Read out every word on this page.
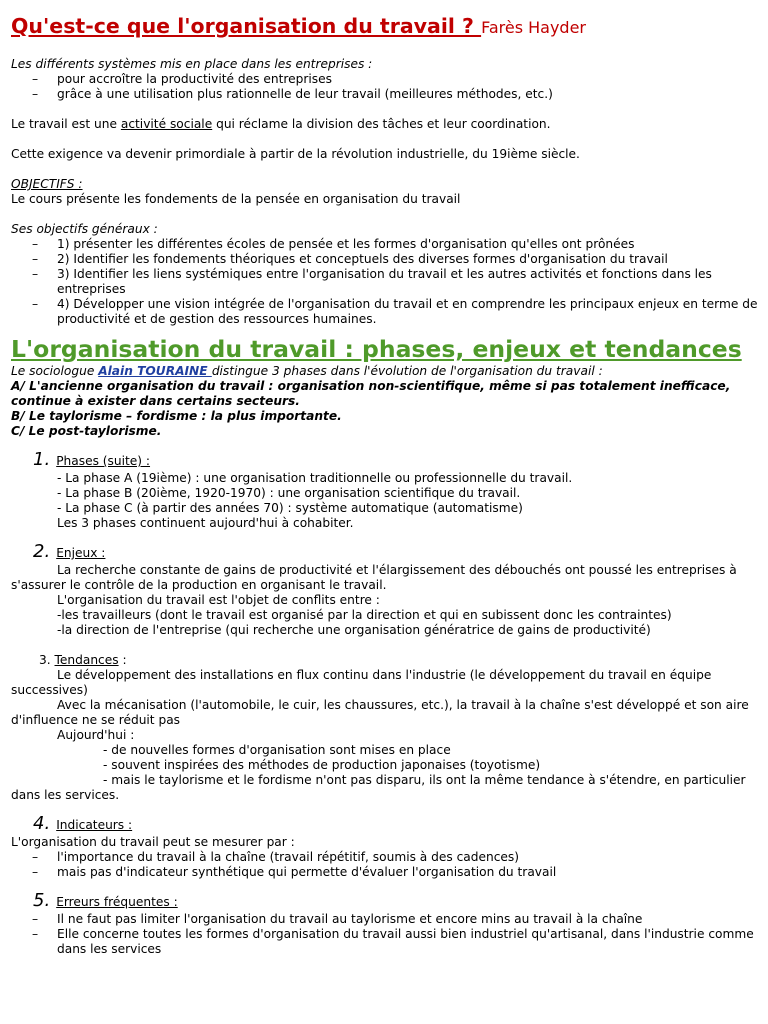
Qu'est-ce que l'organisation du travail ? Farès Hayder
Les différents systèmes mis en place dans les entreprises :
– pour accroître la productivité des entreprises
– grâce à une utilisation plus rationnelle de leur travail (meilleures méthodes, etc.)
Le travail est une activité sociale qui réclame la division des tâches et leur coordination.
Cette exigence va devenir primordiale à partir de la révolution industrielle, du 19ième siècle.
OBJECTIFS :
Le cours présente les fondements de la pensée en organisation du travail
Ses objectifs généraux :
– 1) présenter les différentes écoles de pensée et les formes d'organisation qu'elles ont prônées
– 2) Identifier les fondements théoriques et conceptuels des diverses formes d'organisation du travail
– 3) Identifier les liens systémiques entre l'organisation du travail et les autres activités et fonctions dans les entreprises
– 4) Développer une vision intégrée de l'organisation du travail et en comprendre les principaux enjeux en terme de productivité et de gestion des ressources humaines.
L'organisation du travail : phases, enjeux et tendances
Le sociologue Alain TOURAINE distingue 3 phases dans l'évolution de l'organisation du travail :
A/ L'ancienne organisation du travail : organisation non-scientifique, même si pas totalement inefficace, continue à exister dans certains secteurs.
B/ Le taylorisme – fordisme : la plus importante.
C/ Le post-taylorisme.
1. Phases (suite) :
- La phase A (19ième) : une organisation traditionnelle ou professionnelle du travail.
- La phase B (20ième, 1920-1970) : une organisation scientifique du travail.
- La phase C (à partir des années 70) : système automatique (automatisme)
Les 3 phases continuent aujourd'hui à cohabiter.
2. Enjeux :
La recherche constante de gains de productivité et l'élargissement des débouchés ont poussé les entreprises à s'assurer le contrôle de la production en organisant le travail.
L'organisation du travail est l'objet de conflits entre :
-les travailleurs (dont le travail est organisé par la direction et qui en subissent donc les contraintes)
-la direction de l'entreprise (qui recherche une organisation génératrice de gains de productivité)
3. Tendances :
Le développement des installations en flux continu dans l'industrie (le développement du travail en équipe successives)
Avec la mécanisation (l'automobile, le cuir, les chaussures, etc.), la travail à la chaîne s'est développé et son aire d'influence ne se réduit pas
Aujourd'hui :
- de nouvelles formes d'organisation sont mises en place
- souvent inspirées des méthodes de production japonaises (toyotisme)
- mais le taylorisme et le fordisme n'ont pas disparu, ils ont la même tendance à s'étendre, en particulier dans les services.
4. Indicateurs :
L'organisation du travail peut se mesurer par :
– l'importance du travail à la chaîne (travail répétitif, soumis à des cadences)
– mais pas d'indicateur synthétique qui permette d'évaluer l'organisation du travail
5. Erreurs fréquentes :
– Il ne faut pas limiter l'organisation du travail au taylorisme et encore mins au travail à la chaîne
– Elle concerne toutes les formes d'organisation du travail aussi bien industriel qu'artisanal, dans l'industrie comme dans les services
